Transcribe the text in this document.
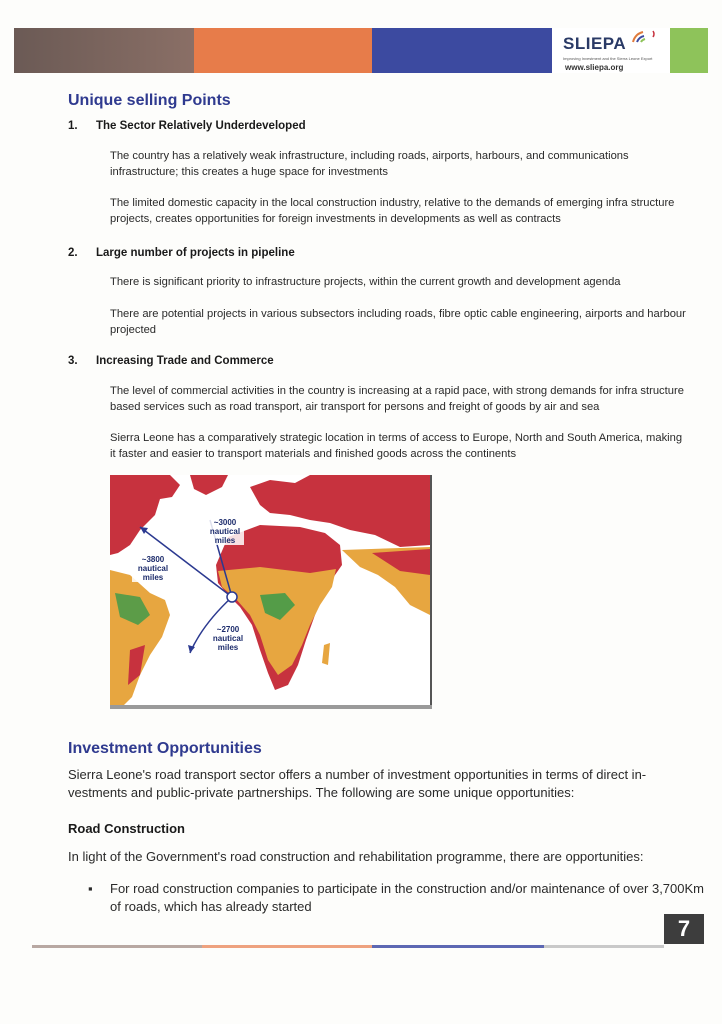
SLIEPA
Improving Investment and the Sierra Leone Export
www.sliepa.org
Unique selling Points
1. The Sector Relatively Underdeveloped
The country has a relatively weak infrastructure, including roads, airports, harbours, and communications infrastructure; this creates a huge space for investments
The limited domestic capacity in the local construction industry, relative to the demands of emerging infra structure projects, creates opportunities for foreign investments in developments as well as contracts
2. Large number of projects in pipeline
There is significant priority to infrastructure projects, within the current growth and development agenda
There are potential projects in various subsectors including roads, fibre optic cable engineering, airports and harbour projected
3. Increasing Trade and Commerce
The level of commercial activities in the country is increasing at a rapid pace, with strong demands for infra structure based services such as road transport, air transport for persons and freight of goods by air and sea
Sierra Leone has a comparatively strategic location in terms of access to Europe, North and South America, making it faster and easier to transport materials and finished goods across the continents
~3000
nautical
miles
~3800
nautical
miles
~2700
nautical
miles
Investment Opportunities
Sierra Leone's road transport sector offers a number of investment opportunities in terms of direct in-vestments and public-private partnerships. The following are some unique opportunities:
Road Construction
In light of the Government's road construction and rehabilitation programme, there are opportunities:
▪ For road construction companies to participate in the construction and/or maintenance of over 3,700Km of roads, which has already started
7
